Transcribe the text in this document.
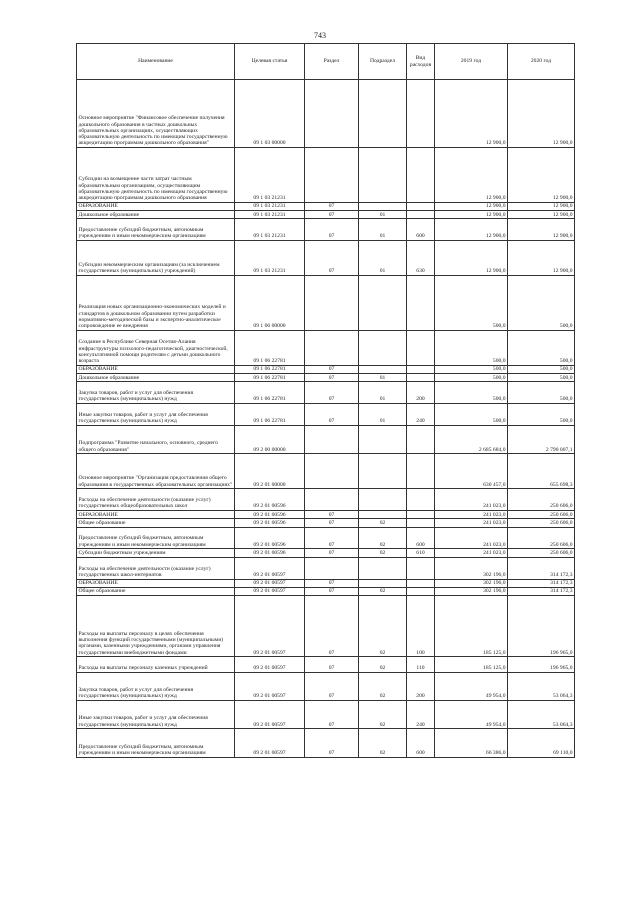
743
Наименование	Целевая статья	Раздел	Подраздел	Вид расходов	2019 год	2020 год
Основное мероприятие "Финансовое обеспечение получения дошкольного образования в частных дошкольных образовательных организациях, осуществляющих образовательную деятельность по имеющим государственную аккредитацию программам дошкольного образования"	09 1 03 00000				12 900,0	12 900,0
Субсидии на возмещение части затрат частным образовательным организациям, осуществляющим образовательную деятельность по имеющим государственную аккредитацию программам дошкольного образования	09 1 03 21231				12 900,0	12 900,0
ОБРАЗОВАНИЕ	09 1 03 21231	07			12 900,0	12 900,0
Дошкольное образование	09 1 03 21231	07	01		12 900,0	12 900,0
Предоставление субсидий бюджетным, автономным учреждениям и иным некоммерческим организациям	09 1 03 21231	07	01	600	12 900,0	12 900,0
Субсидии некоммерческим организациям (за исключением государственных (муниципальных) учреждений)	09 1 03 21231	07	01	630	12 900,0	12 900,0
Реализация новых организационно-экономических моделей и стандартов в дошкольном образовании путем разработки нормативно-методической базы и экспертно-аналитическое сопровождение ее внедрения	09 1 06 00000				500,0	500,0
Создание в Республике Северная Осетия-Алания инфраструктуры психолого-педагогической, диагностической, консультативной помощи родителям с детьми дошкольного возраста	09 1 06 22781				500,0	500,0
ОБРАЗОВАНИЕ	09 1 06 22781	07			500,0	500,0
Дошкольное образование	09 1 06 22781	07	01		500,0	500,0
Закупка товаров, работ и услуг для обеспечения государственных (муниципальных) нужд	09 1 06 22781	07	01	200	500,0	500,0
Иные закупки товаров, работ и услуг для обеспечения государственных (муниципальных) нужд	09 1 06 22781	07	01	240	500,0	500,0
Подпрограмма "Развитие начального, основного, среднего общего образования"	09 2 00 00000				2 685 684,0	2 790 007,1
Основное мероприятие "Организация предоставления общего образования в государственных образовательных организациях"	09 2 01 00000				630 457,0	655 698,3
Расходы на обеспечение деятельности (оказание услуг) государственных общеобразовательных школ	09 2 01 00596				241 023,0	250 606,0
ОБРАЗОВАНИЕ	09 2 01 00596	07			241 023,0	250 606,0
Общее образование	09 2 01 00596	07	02		241 023,0	250 606,0
Предоставление субсидий бюджетным, автономным учреждениям и иным некоммерческим организациям	09 2 01 00596	07	02	600	241 023,0	250 606,0
Субсидии бюджетным учреждениям	09 2 01 00596	07	02	610	241 023,0	250 606,0
Расходы на обеспечение деятельности (оказание услуг) государственных школ-интернатов	09 2 01 00597				302 196,0	314 172,3
ОБРАЗОВАНИЕ	09 2 01 00597	07			302 196,0	314 172,3
Общее образование	09 2 01 00597	07	02		302 196,0	314 172,3
Расходы на выплаты персоналу в целях обеспечения выполнения функций государственными (муниципальными) органами, казенными учреждениями, органами управления государственными внебюджетными фондами	09 2 01 00597	07	02	100	185 125,0	196 965,0
Расходы на выплаты персоналу казенных учреждений	09 2 01 00597	07	02	110	185 125,0	196 965,0
Закупка товаров, работ и услуг для обеспечения государственных (муниципальных) нужд	09 2 01 00597	07	02	200	49 954,0	53 064,3
Иные закупки товаров, работ и услуг для обеспечения государственных (муниципальных) нужд	09 2 01 00597	07	02	240	49 954,0	53 064,3
Предоставление субсидий бюджетным, автономным учреждениям и иным некоммерческим организациям	09 2 01 00597	07	02	600	66 386,0	69 110,0
